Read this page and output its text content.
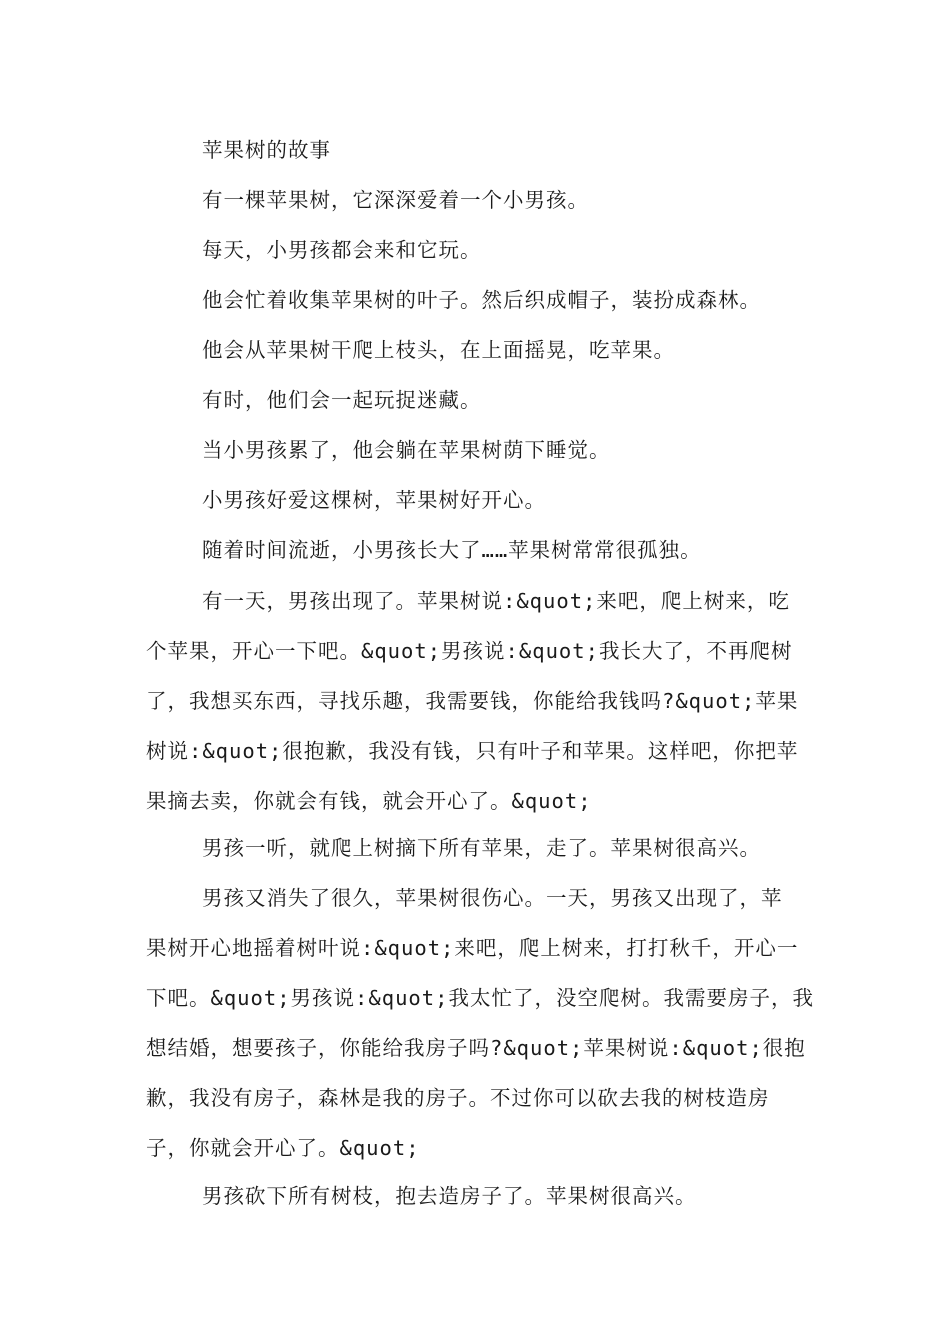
苹果树的故事
有一棵苹果树，它深深爱着一个小男孩。
每天，小男孩都会来和它玩。
他会忙着收集苹果树的叶子。然后织成帽子，装扮成森林。
他会从苹果树干爬上枝头，在上面摇晃，吃苹果。
有时，他们会一起玩捉迷藏。
当小男孩累了，他会躺在苹果树荫下睡觉。
小男孩好爱这棵树，苹果树好开心。
随着时间流逝，小男孩长大了……苹果树常常很孤独。
有一天，男孩出现了。苹果树说:&quot;来吧，爬上树来，吃
个苹果，开心一下吧。&quot;男孩说:&quot;我长大了，不再爬树
了，我想买东西，寻找乐趣，我需要钱，你能给我钱吗?&quot;苹果
树说:&quot;很抱歉，我没有钱，只有叶子和苹果。这样吧，你把苹
果摘去卖，你就会有钱，就会开心了。&quot;
男孩一听，就爬上树摘下所有苹果，走了。苹果树很高兴。
男孩又消失了很久，苹果树很伤心。一天，男孩又出现了，苹
果树开心地摇着树叶说:&quot;来吧，爬上树来，打打秋千，开心一
下吧。&quot;男孩说:&quot;我太忙了，没空爬树。我需要房子，我
想结婚，想要孩子，你能给我房子吗?&quot;苹果树说:&quot;很抱
歉，我没有房子，森林是我的房子。不过你可以砍去我的树枝造房
子，你就会开心了。&quot;
男孩砍下所有树枝，抱去造房子了。苹果树很高兴。
